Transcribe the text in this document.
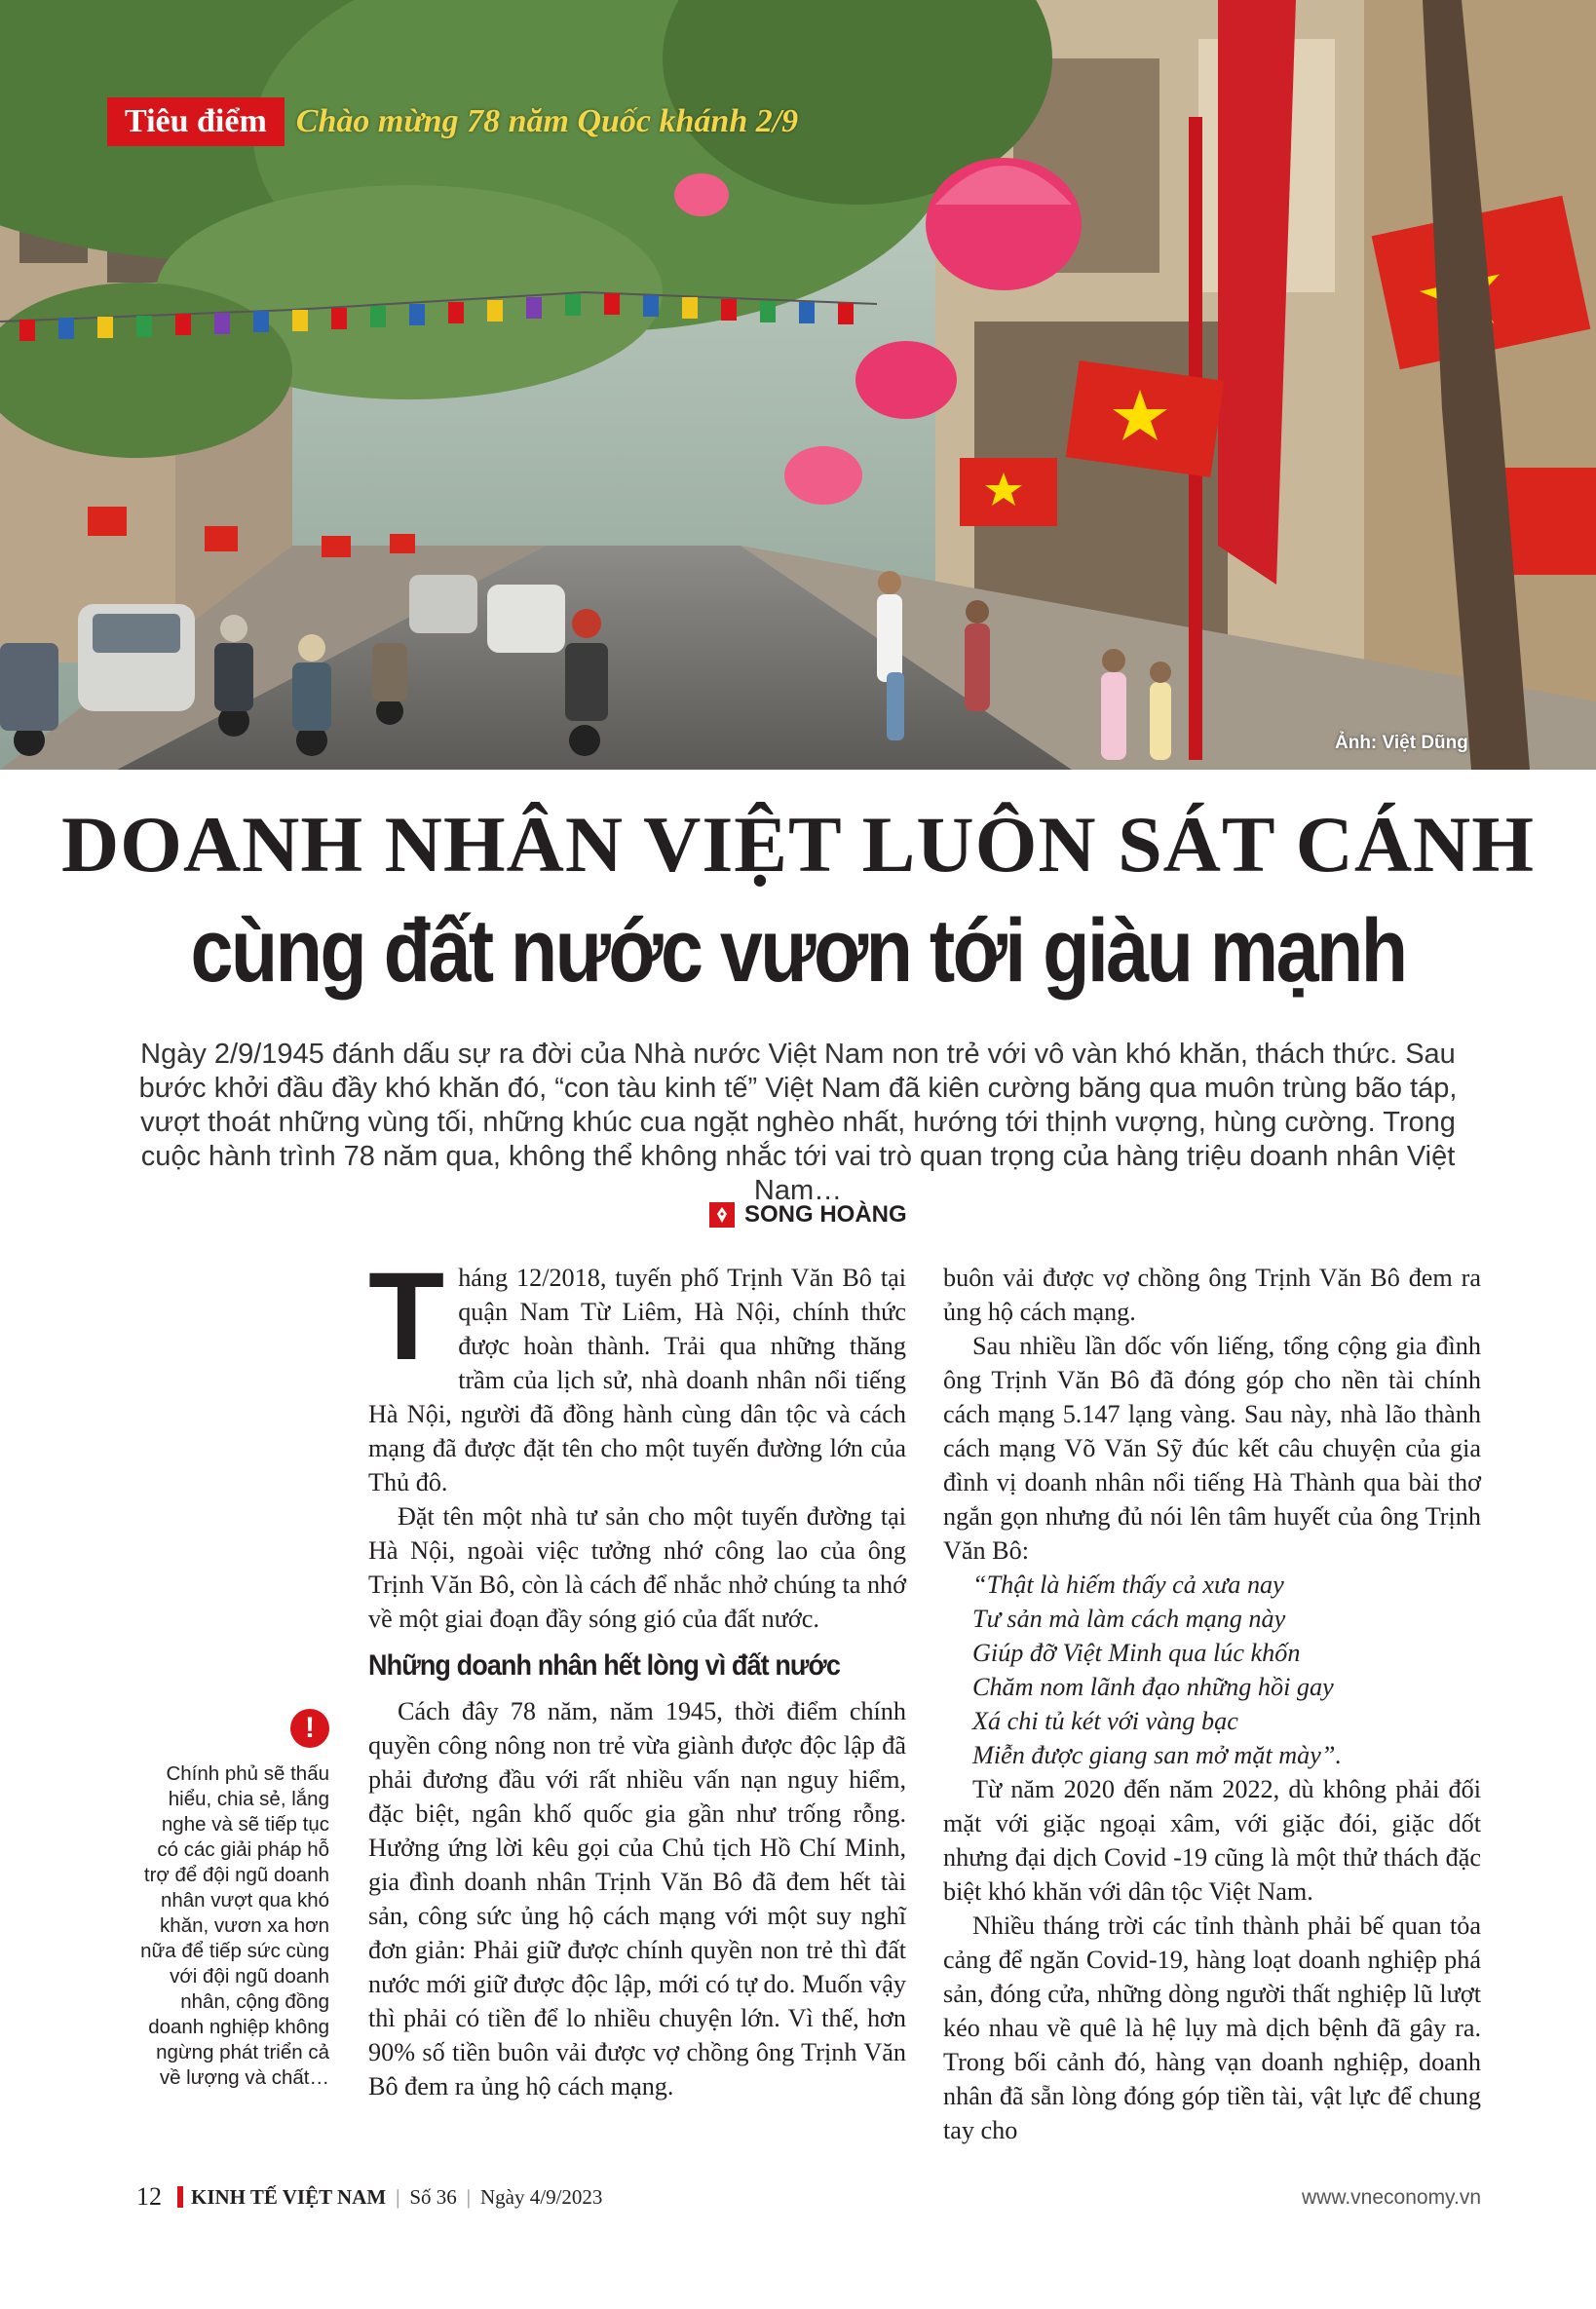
Tiêu điểm Chào mừng 78 năm Quốc khánh 2/9
Ảnh: Việt Dũng
DOANH NHÂN VIỆT LUÔN SÁT CÁNH
cùng đất nước vươn tới giàu mạnh
Ngày 2/9/1945 đánh dấu sự ra đời của Nhà nước Việt Nam non trẻ với vô vàn khó khăn, thách thức. Sau bước khởi đầu đầy khó khăn đó, “con tàu kinh tế” Việt Nam đã kiên cường băng qua muôn trùng bão táp, vượt thoát những vùng tối, những khúc cua ngặt nghèo nhất, hướng tới thịnh vượng, hùng cường. Trong cuộc hành trình 78 năm qua, không thể không nhắc tới vai trò quan trọng của hàng triệu doanh nhân Việt Nam…
SONG HOÀNG
!
Chính phủ sẽ thấu hiểu, chia sẻ, lắng nghe và sẽ tiếp tục có các giải pháp hỗ trợ để đội ngũ doanh nhân vượt qua khó khăn, vươn xa hơn nữa để tiếp sức cùng với đội ngũ doanh nhân, cộng đồng doanh nghiệp không ngừng phát triển cả về lượng và chất…

Tháng 12/2018, tuyến phố Trịnh Văn Bô tại quận Nam Từ Liêm, Hà Nội, chính thức được hoàn thành. Trải qua những thăng trầm của lịch sử, nhà doanh nhân nổi tiếng Hà Nội, người đã đồng hành cùng dân tộc và cách mạng đã được đặt tên cho một tuyến đường lớn của Thủ đô.

Đặt tên một nhà tư sản cho một tuyến đường tại Hà Nội, ngoài việc tưởng nhớ công lao của ông Trịnh Văn Bô, còn là cách để nhắc nhở chúng ta nhớ về một giai đoạn đầy sóng gió của đất nước.

Những doanh nhân hết lòng vì đất nước

Cách đây 78 năm, năm 1945, thời điểm chính quyền công nông non trẻ vừa giành được độc lập đã phải đương đầu với rất nhiều vấn nạn nguy hiểm, đặc biệt, ngân khố quốc gia gần như trống rỗng. Hưởng ứng lời kêu gọi của Chủ tịch Hồ Chí Minh, gia đình doanh nhân Trịnh Văn Bô đã đem hết tài sản, công sức ủng hộ cách mạng với một suy nghĩ đơn giản: Phải giữ được chính quyền non trẻ thì đất nước mới giữ được độc lập, mới có tự do. Muốn vậy thì phải có tiền để lo nhiều chuyện lớn. Vì thế, hơn 90% số tiền buôn vải được vợ chồng ông Trịnh Văn Bô đem ra ủng hộ cách mạng.

buôn vải được vợ chồng ông Trịnh Văn Bô đem ra ủng hộ cách mạng.

Sau nhiều lần dốc vốn liếng, tổng cộng gia đình ông Trịnh Văn Bô đã đóng góp cho nền tài chính cách mạng 5.147 lạng vàng. Sau này, nhà lão thành cách mạng Võ Văn Sỹ đúc kết câu chuyện của gia đình vị doanh nhân nổi tiếng Hà Thành qua bài thơ ngắn gọn nhưng đủ nói lên tâm huyết của ông Trịnh Văn Bô:

“Thật là hiếm thấy cả xưa nay

Tư sản mà làm cách mạng này

Giúp đỡ Việt Minh qua lúc khốn

Chăm nom lãnh đạo những hồi gay

Xá chi tủ két với vàng bạc

Miễn được giang san mở mặt mày”.

Từ năm 2020 đến năm 2022, dù không phải đối mặt với giặc ngoại xâm, với giặc đói, giặc dốt nhưng đại dịch Covid -19 cũng là một thử thách đặc biệt khó khăn với dân tộc Việt Nam.

Nhiều tháng trời các tỉnh thành phải bế quan tỏa cảng để ngăn Covid-19, hàng loạt doanh nghiệp phá sản, đóng cửa, những dòng người thất nghiệp lũ lượt kéo nhau về quê là hệ lụy mà dịch bệnh đã gây ra. Trong bối cảnh đó, hàng vạn doanh nghiệp, doanh nhân đã sẵn lòng đóng góp tiền tài, vật lực để chung tay cho

12 KINH TẾ VIỆT NAM | Số 36 | Ngày 4/9/2023	www.vneconomy.vn
